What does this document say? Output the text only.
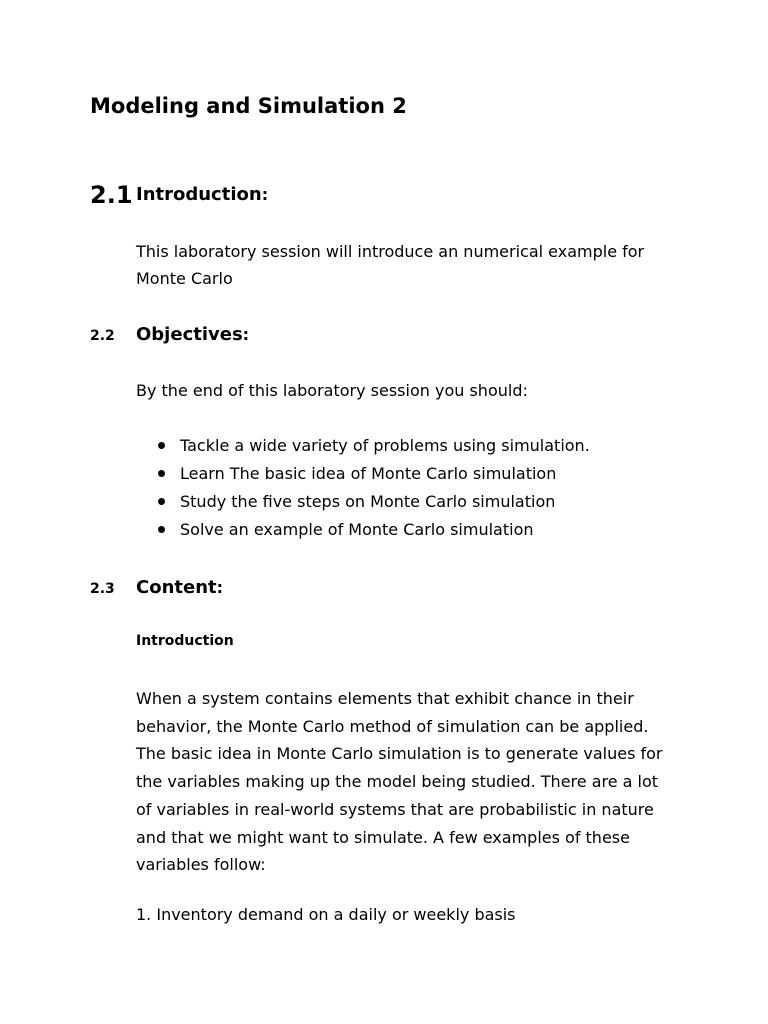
Modeling and Simulation 2
2.1 Introduction:
This laboratory session will introduce an numerical example for
Monte Carlo
2.2 Objectives:
By the end of this laboratory session you should:
Tackle a wide variety of problems using simulation.
Learn The basic idea of Monte Carlo simulation
Study the five steps on Monte Carlo simulation
Solve an example of Monte Carlo simulation
2.3 Content:
Introduction
When a system contains elements that exhibit chance in their
behavior, the Monte Carlo method of simulation can be applied.
The basic idea in Monte Carlo simulation is to generate values for
the variables making up the model being studied. There are a lot
of variables in real-world systems that are probabilistic in nature
and that we might want to simulate. A few examples of these
variables follow:
1. Inventory demand on a daily or weekly basis
